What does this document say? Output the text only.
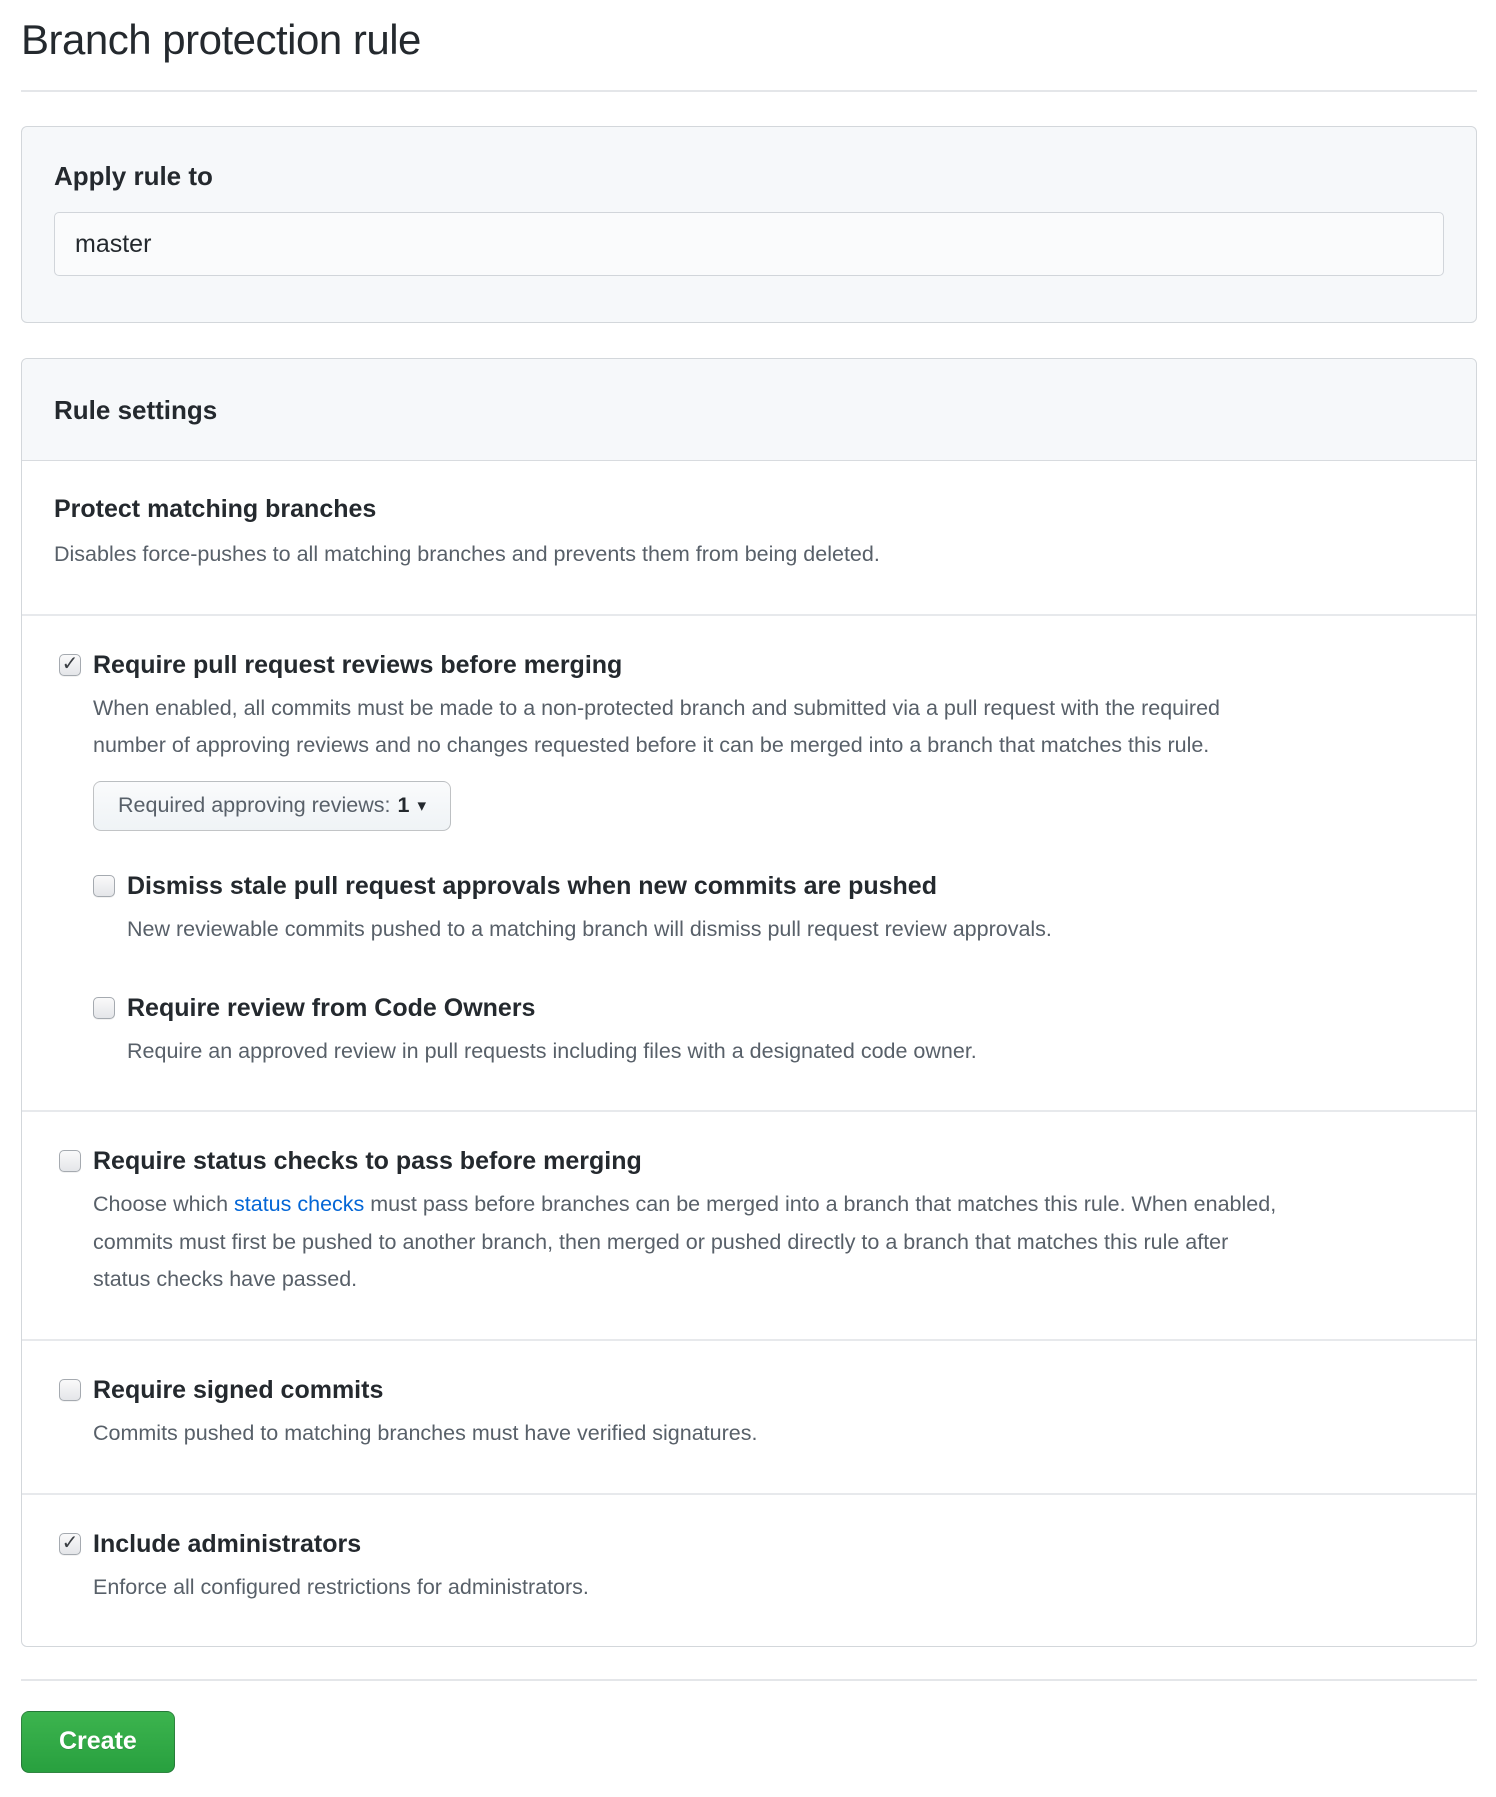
Branch protection rule
Apply rule to
master
Rule settings
Protect matching branches

Disables force-pushes to all matching branches and prevents them from being deleted.

✓ Require pull request reviews before merging

When enabled, all commits must be made to a non-protected branch and submitted via a pull request with the required number of approving reviews and no changes requested before it can be merged into a branch that matches this rule.

Required approving reviews: 1 ▾
Dismiss stale pull request approvals when new commits are pushed

New reviewable commits pushed to a matching branch will dismiss pull request review approvals.

Require review from Code Owners

Require an approved review in pull requests including files with a designated code owner.

Require status checks to pass before merging

Choose which status checks must pass before branches can be merged into a branch that matches this rule. When enabled, commits must first be pushed to another branch, then merged or pushed directly to a branch that matches this rule after status checks have passed.

Require signed commits

Commits pushed to matching branches must have verified signatures.

✓ Include administrators

Enforce all configured restrictions for administrators.

Create
